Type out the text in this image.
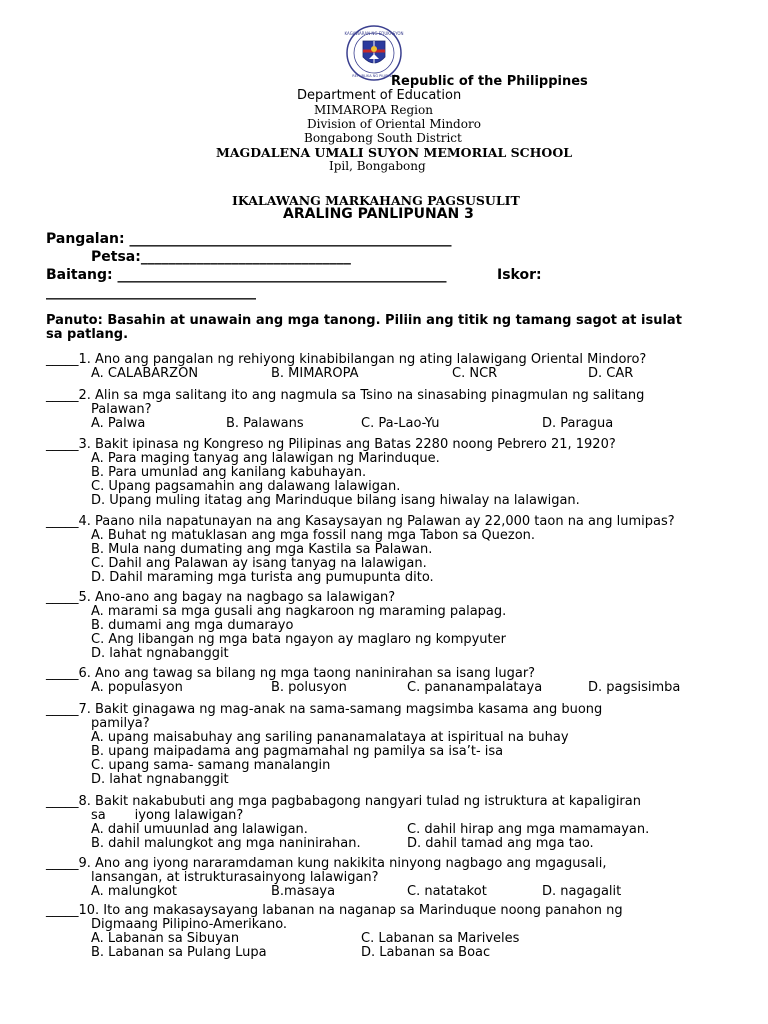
KAGAWARAN NG EDUKASYON
REPUBLIKA NG PILIPINAS
Republic of the Philippines
Department of Education
MIMAROPA Region
Division of Oriental Mindoro
Bongabong South District
MAGDALENA UMALI SUYON MEMORIAL SCHOOL
Ipil, Bongabong
IKALAWANG MARKAHANG PAGSUSULIT
ARALING PANLIPUNAN 3
Pangalan: ______________________________________________
Petsa:______________________________
Baitang: _______________________________________________	Iskor:
______________________________
Panuto: Basahin at unawain ang mga tanong. Piliin ang titik ng tamang sagot at isulat
sa patlang.
_____1. Ano ang pangalan ng rehiyong kinabibilangan ng ating lalawigang Oriental Mindoro?
A. CALABARZON	B. MIMAROPA	C. NCR	D. CAR
_____2. Alin sa mga salitang ito ang nagmula sa Tsino na sinasabing pinagmulan ng salitang
Palawan?
A. Palwa	B. Palawans	C. Pa-Lao-Yu	D. Paragua
_____3. Bakit ipinasa ng Kongreso ng Pilipinas ang Batas 2280 noong Pebrero 21, 1920?
A. Para maging tanyag ang lalawigan ng Marinduque.
B. Para umunlad ang kanilang kabuhayan.
C. Upang pagsamahin ang dalawang lalawigan.
D. Upang muling itatag ang Marinduque bilang isang hiwalay na lalawigan.
_____4. Paano nila napatunayan na ang Kasaysayan ng Palawan ay 22,000 taon na ang lumipas?
A. Buhat ng matuklasan ang mga fossil nang mga Tabon sa Quezon.
B. Mula nang dumating ang mga Kastila sa Palawan.
C. Dahil ang Palawan ay isang tanyag na lalawigan.
D. Dahil maraming mga turista ang pumupunta dito.
_____5. Ano-ano ang bagay na nagbago sa lalawigan?
A. marami sa mga gusali ang nagkaroon ng maraming palapag.
B. dumami ang mga dumarayo
C. Ang libangan ng mga bata ngayon ay maglaro ng kompyuter
D. lahat ngnabanggit
_____6. Ano ang tawag sa bilang ng mga taong naninirahan sa isang lugar?
A. populasyon	B. polusyon	C. pananampalataya	D. pagsisimba
_____7. Bakit ginagawa ng mag-anak na sama-samang magsimba kasama ang buong
pamilya?
A. upang maisabuhay ang sariling pananamalataya at ispiritual na buhay
B. upang maipadama ang pagmamahal ng pamilya sa isa’t- isa
C. upang sama- samang manalangin
D. lahat ngnabanggit
_____8. Bakit nakabubuti ang mga pagbabagong nangyari tulad ng istruktura at kapaligiran
sa       iyong lalawigan?
A. dahil umuunlad ang lalawigan.	C. dahil hirap ang mga mamamayan.
B. dahil malungkot ang mga naninirahan.	D. dahil tamad ang mga tao.
_____9. Ano ang iyong nararamdaman kung nakikita ninyong nagbago ang mgagusali,
lansangan, at istrukturasainyong lalawigan?
A. malungkot	B.masaya	C. natatakot	D. nagagalit
_____10. Ito ang makasaysayang labanan na naganap sa Marinduque noong panahon ng
Digmaang Pilipino-Amerikano.
A. Labanan sa Sibuyan	C. Labanan sa Mariveles
B. Labanan sa Pulang Lupa	D. Labanan sa Boac
